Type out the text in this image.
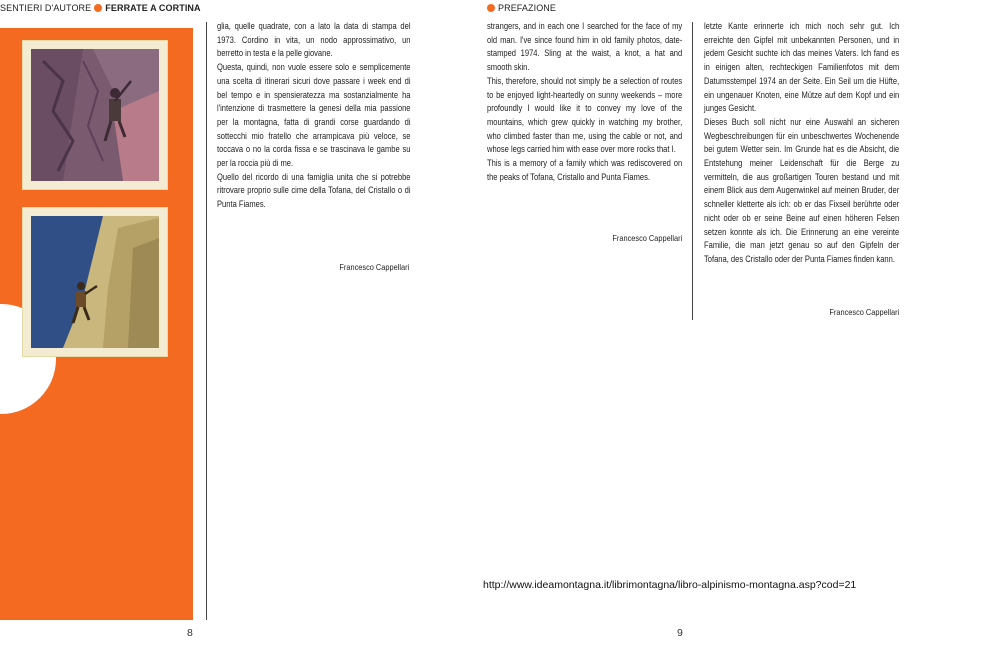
SENTIERI D'AUTORE FERRATE A CORTINA	PREFAZIONE

glia, quelle quadrate, con a lato la data di stampa del 1973. Cordino in vita, un nodo approssimativo, un berretto in testa e la pelle giovane.

Questa, quindi, non vuole essere solo e semplicemente una scelta di itinerari sicuri dove passare i week end di bel tempo e in spensieratezza ma sostanzialmente ha l'intenzione di trasmettere la genesi della mia passione per la montagna, fatta di grandi corse guardando di sottecchi mio fratello che arrampicava più veloce, se toccava o no la corda fissa e se trascinava le gambe su per la roccia più di me.

Quello del ricordo di una famiglia unita che si potrebbe ritrovare proprio sulle cime della Tofana, del Cristallo o di Punta Fiames.

Francesco Cappellari

strangers, and in each one I searched for the face of my old man. I've since found him in old family photos, date-stamped 1974. Sling at the waist, a knot, a hat and smooth skin.

This, therefore, should not simply be a selection of routes to be enjoyed light-heartedly on sunny weekends – more profoundly I would like it to convey my love of the mountains, which grew quickly in watching my brother, who climbed faster than me, using the cable or not, and whose legs carried him with ease over more rocks that I.

This is a memory of a family which was rediscovered on the peaks of Tofana, Cristallo and Punta Fiames.

Francesco Cappellari

letzte Kante erinnerte ich mich noch sehr gut. Ich erreichte den Gipfel mit unbekannten Personen, und in jedem Gesicht suchte ich das meines Vaters. Ich fand es in einigen alten, rechteckigen Familienfotos mit dem Datumsstempel 1974 an der Seite. Ein Seil um die Hüfte, ein ungenauer Knoten, eine Mütze auf dem Kopf und ein junges Gesicht.

Dieses Buch soll nicht nur eine Auswahl an sicheren Wegbeschreibungen für ein unbeschwertes Wochenende bei gutem Wetter sein. Im Grunde hat es die Absicht, die Entstehung meiner Leidenschaft für die Berge zu vermitteln, die aus großartigen Touren bestand und mit einem Blick aus dem Augenwinkel auf meinen Bruder, der schneller kletterte als ich: ob er das Fixseil berührte oder nicht oder ob er seine Beine auf einen höheren Felsen setzen konnte als ich. Die Erinnerung an eine vereinte Familie, die man jetzt genau so auf den Gipfeln der Tofana, des Cristallo oder der Punta Fiames finden kann.

Francesco Cappellari
http://www.ideamontagna.it/librimontagna/libro-alpinismo-montagna.asp?cod=21
8	9
